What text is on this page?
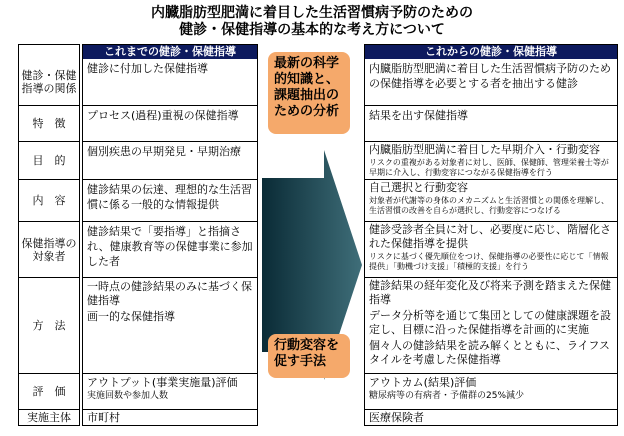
内臓脂肪型肥満に着目した生活習慣病予防のための
健診・保健指導の基本的な考え方について
健診・保健指導の関係
特　徴
目　的
内　容
保健指導の対象者
方　法
評　価
実施主体
これまでの健診・保健指導
健診に付加した保健指導
プロセス(過程)重視の保健指導
個別疾患の早期発見・早期治療
健診結果の伝達、理想的な生活習慣に係る一般的な情報提供
健診結果で「要指導」と指摘され、健康教育等の保健事業に参加した者
一時点の健診結果のみに基づく保健指導
画一的な保健指導
アウトプット(事業実施量)評価
実施回数や参加人数
市町村
最新の科学的知識と、課題抽出のための分析
行動変容を促す手法
これからの健診・保健指導
内臓脂肪型肥満に着目した生活習慣病予防のための保健指導を必要とする者を抽出する健診
結果を出す保健指導
内臓脂肪型肥満に着目した早期介入・行動変容
リスクの重複がある対象者に対し、医師、保健師、管理栄養士等が早期に介入し、行動変容につながる保健指導を行う
自己選択と行動変容
対象者が代謝等の身体のメカニズムと生活習慣との関係を理解し、生活習慣の改善を自らが選択し、行動変容につなげる
健診受診者全員に対し、必要度に応じ、階層化された保健指導を提供
リスクに基づく優先順位をつけ、保健指導の必要性に応じて「情報提供」「動機づけ支援」「積極的支援」を行う
健診結果の経年変化及び将来予測を踏まえた保健指導
データ分析等を通じて集団としての健康課題を設定し、目標に沿った保健指導を計画的に実施
個々人の健診結果を読み解くとともに、ライフスタイルを考慮した保健指導
アウトカム(結果)評価
糖尿病等の有病者・予備群の25%減少
医療保険者
